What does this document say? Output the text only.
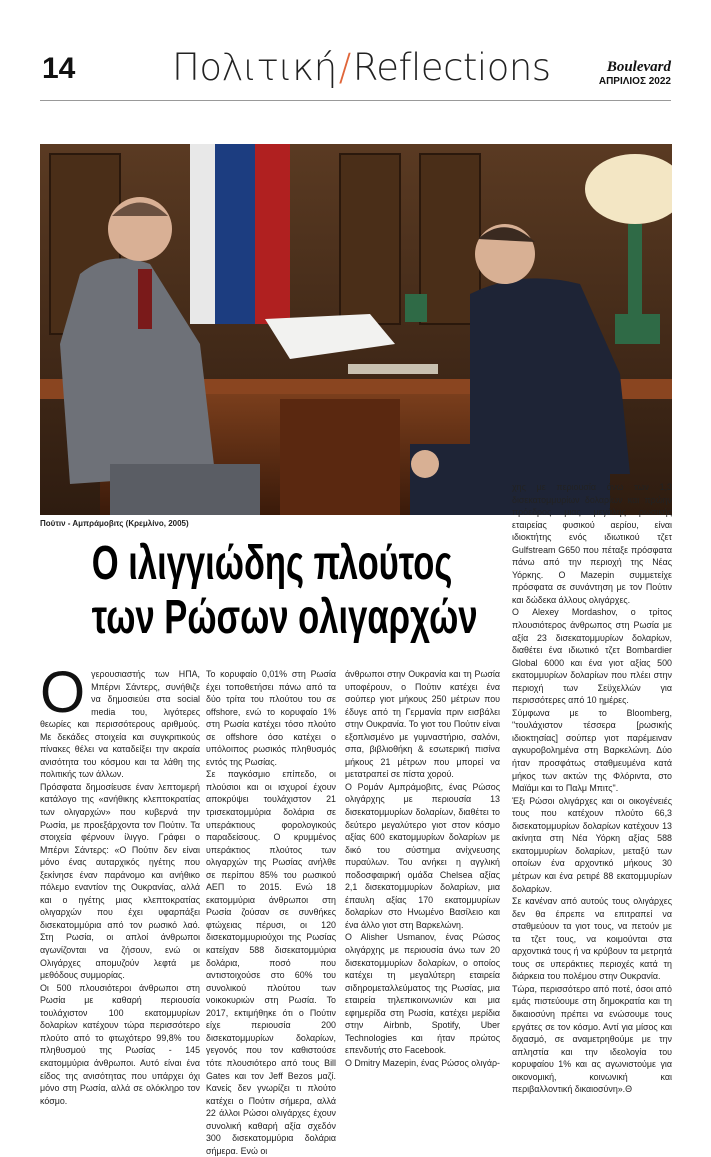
14	Πολιτική/Reflections	Boulevard
ΑΠΡΙΛΙΟΣ 2022
Πούτιν - Αμπράμοβιτς (Κρεμλίνο, 2005)
Ο ιλιγγιώδης πλούτος
των Ρώσων ολιγαρχών

Ογερουσιαστής των ΗΠΑ, Μπέρνι Σάντερς, συνήθιζε να δημοσιεύει στα social media του, λιγότερες θεωρίες και περισσότερους αριθμούς. Με δεκάδες στοιχεία και συγκριτικούς πίνακες θέλει να καταδείξει την ακραία ανισότητα του κόσμου και τα λάθη της πολιτικής των άλλων.

Πρόσφατα δημοσίευσε έναν λεπτομερή κατάλογο της «ανήθικης κλεπτοκρατίας των ολιγαρχών» που κυβερνά την Ρωσία, με προεξάρχοντα τον Πούτιν. Τα στοιχεία φέρνουν ίλιγγο. Γράφει ο Μπέρνι Σάντερς: «Ο Πούτιν δεν είναι μόνο ένας αυταρχικός ηγέτης που ξεκίνησε έναν παράνομο και ανήθικο πόλεμο εναντίον της Ουκρανίας, αλλά και ο ηγέτης μιας κλεπτοκρατίας ολιγαρχών που έχει υφαρπάξει δισεκατομμύρια από τον ρωσικό λαό. Στη Ρωσία, οι απλοί άνθρωποι αγωνίζονται να ζήσουν, ενώ οι Ολιγάρχες απομυζούν λεφτά με μεθόδους συμμορίας.

Οι 500 πλουσιότεροι άνθρωποι στη Ρωσία με καθαρή περιουσία τουλάχιστον 100 εκατομμυρίων δολαρίων κατέχουν τώρα περισσότερο πλούτο από το φτωχότερο 99,8% του πληθυσμού της Ρωσίας - 145 εκατομμύρια άνθρωποι. Αυτό είναι ένα είδος της ανισότητας που υπάρχει όχι μόνο στη Ρωσία, αλλά σε ολόκληρο τον κόσμο.

Το κορυφαίο 0,01% στη Ρωσία έχει τοποθετήσει πάνω από τα δύο τρίτα του πλούτου του σε offshore, ενώ το κορυφαίο 1% στη Ρωσία κατέχει τόσο πλούτο σε offshore όσο κατέχει ο υπόλοιπος ρωσικός πληθυσμός εντός της Ρωσίας.

Σε παγκόσμιο επίπεδο, οι πλούσιοι και οι ισχυροί έχουν αποκρύψει τουλάχιστον 21 τρισεκατομμύρια δολάρια σε υπεράκτιους φορολογικούς παραδείσους. Ο κρυμμένος υπεράκτιος πλούτος των ολιγαρχών της Ρωσίας ανήλθε σε περίπου 85% του ρωσικού ΑΕΠ το 2015. Ενώ 18 εκατομμύρια άνθρωποι στη Ρωσία ζούσαν σε συνθήκες φτώχειας πέρυσι, οι 120 δισεκατομμυριούχοι της Ρωσίας κατείχαν 588 δισεκατομμύρια δολάρια, ποσό που αντιστοιχούσε στο 60% του συνολικού πλούτου των νοικοκυριών στη Ρωσία. Το 2017, εκτιμήθηκε ότι ο Πούτιν είχε περιουσία 200 δισεκατομμυρίων δολαρίων, γεγονός που τον καθιστούσε τότε πλουσιότερο από τους Bill Gates και τον Jeff Bezos μαζί. Κανείς δεν γνωρίζει τι πλούτο κατέχει ο Πούτιν σήμερα, αλλά 22 άλλοι Ρώσοι ολιγάρχες έχουν συνολική καθαρή αξία σχεδόν 300 δισεκατομμύρια δολάρια σήμερα. Ενώ οι

άνθρωποι στην Ουκρανία και τη Ρωσία υποφέρουν, ο Πούτιν κατέχει ένα σούπερ γιοτ μήκους 250 μέτρων που έδυγε από τη Γερμανία πριν εισβάλει στην Ουκρανία. Το γιοτ του Πούτιν είναι εξοπλισμένο με γυμναστήριο, σαλόνι, σπα, βιβλιοθήκη & εσωτερική πισίνα μήκους 21 μέτρων που μπορεί να μετατραπεί σε πίστα χορού.

Ο Ρομάν Αμπράμοβιτς, ένας Ρώσος ολιγάρχης με περιουσία 13 δισεκατομμυρίων δολαρίων, διαθέτει το δεύτερο μεγαλύτερο γιοτ στον κόσμο αξίας 600 εκατομμυρίων δολαρίων με δικό του σύστημα ανίχνευσης πυραύλων. Του ανήκει η αγγλική ποδοσφαιρική ομάδα Chelsea αξίας 2,1 δισεκατομμυρίων δολαρίων, μια έπαυλη αξίας 170 εκατομμυρίων δολαρίων στο Ηνωμένο Βασίλειο και ένα άλλο γιοτ στη Βαρκελώνη.

O Alisher Usmanov, ένας Ρώσος ολιγάρχης με περιουσία άνω των 20 δισεκατομμυρίων δολαρίων, ο οποίος κατέχει τη μεγαλύτερη εταιρεία σιδηρομεταλλεύματος της Ρωσίας, μια εταιρεία τηλεπικοινωνιών και μια εφημερίδα στη Ρωσία, κατέχει μερίδια στην Airbnb, Spotify, Uber Technologies και ήταν πρώτος επενδυτής στο Facebook.

O Dmitry Mazepin, ένας Ρώσος ολιγάρ-

χης με περιουσία άνω των 1,3 δισεκατομμυρίων δολαρίων και πρώην πρόεδρος μιας μεγάλης ρωσικής εταιρείας φυσικού αερίου, είναι ιδιοκτήτης ενός ιδιωτικού τζετ Gulfstream G650 που πέταξε πρόσφατα πάνω από την περιοχή της Νέας Υόρκης. Ο Mazepin συμμετείχε πρόσφατα σε συνάντηση με τον Πούτιν και δώδεκα άλλους ολιγάρχες.

Ο Alexey Mordashov, ο τρίτος πλουσιότερος άνθρωπος στη Ρωσία με αξία 23 δισεκατομμυρίων δολαρίων, διαθέτει ένα ιδιωτικό τζετ Bombardier Global 6000 και ένα γιοτ αξίας 500 εκατομμυρίων δολαρίων που πλέει στην περιοχή των Σεϋχελλών για περισσότερες από 10 ημέρες.

Σύμφωνα με το Bloomberg, "τουλάχιστον τέσσερα [ρωσικής ιδιοκτησίας] σούπερ γιοτ παρέμειναν αγκυροβολημένα στη Βαρκελώνη. Δύο ήταν προσφάτως σταθμευμένα κατά μήκος των ακτών της Φλόριντα, στο Μαϊάμι και το Παλμ Μπιτς".

Έξι Ρώσοι ολιγάρχες και οι οικογένειές τους που κατέχουν πλούτο 66,3 δισεκατομμυρίων δολαρίων κατέχουν 13 ακίνητα στη Νέα Υόρκη αξίας 588 εκατομμυρίων δολαρίων, μεταξύ των οποίων ένα αρχοντικό μήκους 30 μέτρων και ένα ρετιρέ 88 εκατομμυρίων δολαρίων.

Σε κανέναν από αυτούς τους ολιγάρχες δεν θα έπρεπε να επιτραπεί να σταθμεύουν τα γιοτ τους, να πετούν με τα τζετ τους, να κοιμούνται στα αρχοντικά τους ή να κρύβουν τα μετρητά τους σε υπεράκτιες περιοχές κατά τη διάρκεια του πολέμου στην Ουκρανία.

Τώρα, περισσότερο από ποτέ, όσοι από εμάς πιστεύουμε στη δημοκρατία και τη δικαιοσύνη πρέπει να ενώσουμε τους εργάτες σε τον κόσμο. Αντί για μίσος και διχασμό, σε αναμετρηθούμε με την απληστία και την ιδεολογία του κορυφαίου 1% και ας αγωνιστούμε για οικονομική, κοινωνική και περιβαλλοντική δικαιοσύνη».Θ
